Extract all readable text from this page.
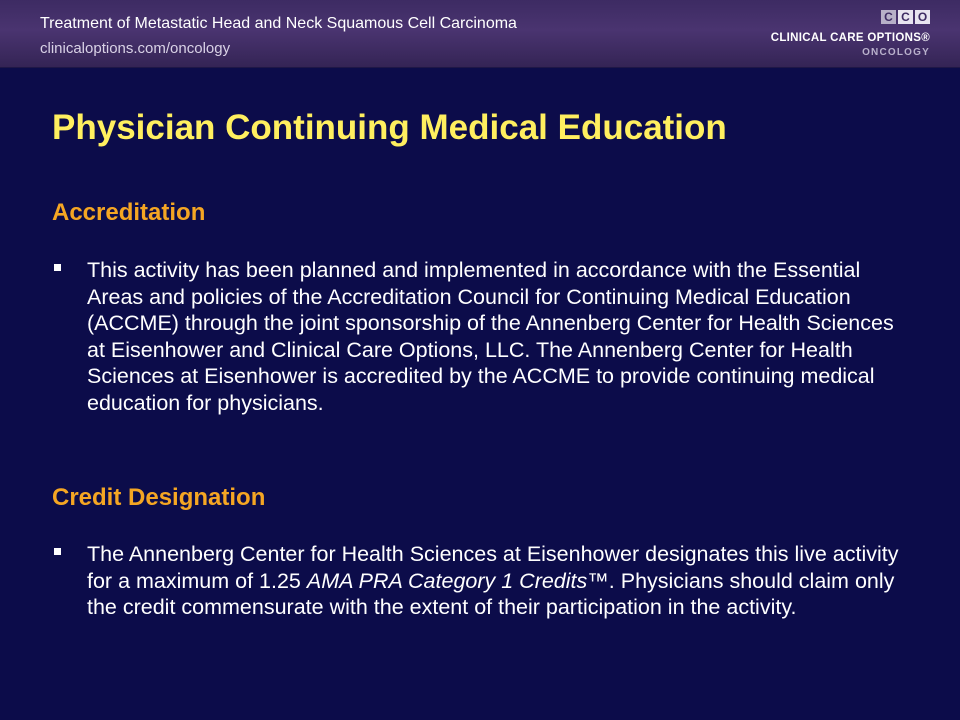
Treatment of Metastatic Head and Neck Squamous Cell Carcinoma
clinicaloptions.com/oncology
C C O
CLINICAL CARE OPTIONS®
ONCOLOGY
Physician Continuing Medical Education
Accreditation
This activity has been planned and implemented in accordance with the Essential Areas and policies of the Accreditation Council for Continuing Medical Education (ACCME) through the joint sponsorship of the Annenberg Center for Health Sciences at Eisenhower and Clinical Care Options, LLC. The Annenberg Center for Health Sciences at Eisenhower is accredited by the ACCME to provide continuing medical education for physicians.
Credit Designation
The Annenberg Center for Health Sciences at Eisenhower designates this live activity for a maximum of 1.25 AMA PRA Category 1 Credits™. Physicians should claim only the credit commensurate with the extent of their participation in the activity.
